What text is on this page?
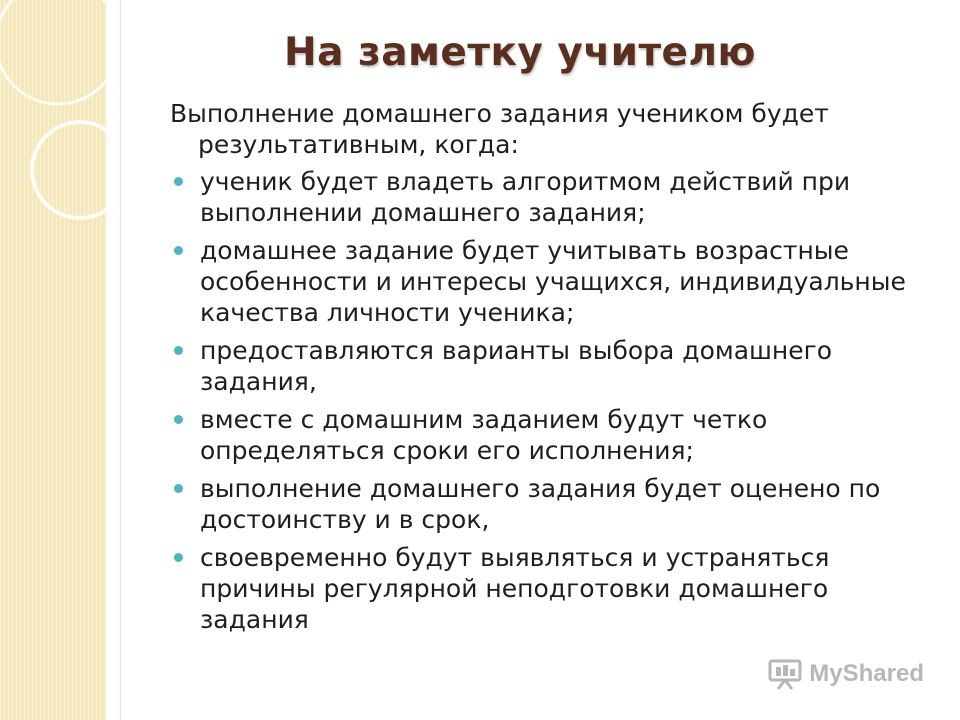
На заметку учителю

Выполнение домашнего задания учеником будет результативным, когда:

ученик будет владеть алгоритмом действий при выполнении домашнего задания;
домашнее задание будет учитывать возрастные особенности и интересы учащихся, индивидуальные качества личности ученика;
предоставляются варианты выбора домашнего задания,
вместе с домашним заданием будут четко определяться сроки его исполнения;
выполнение домашнего задания будет оценено по достоинству и в срок,
своевременно будут выявляться и устраняться причины регулярной неподготовки домашнего задания
MyShared
